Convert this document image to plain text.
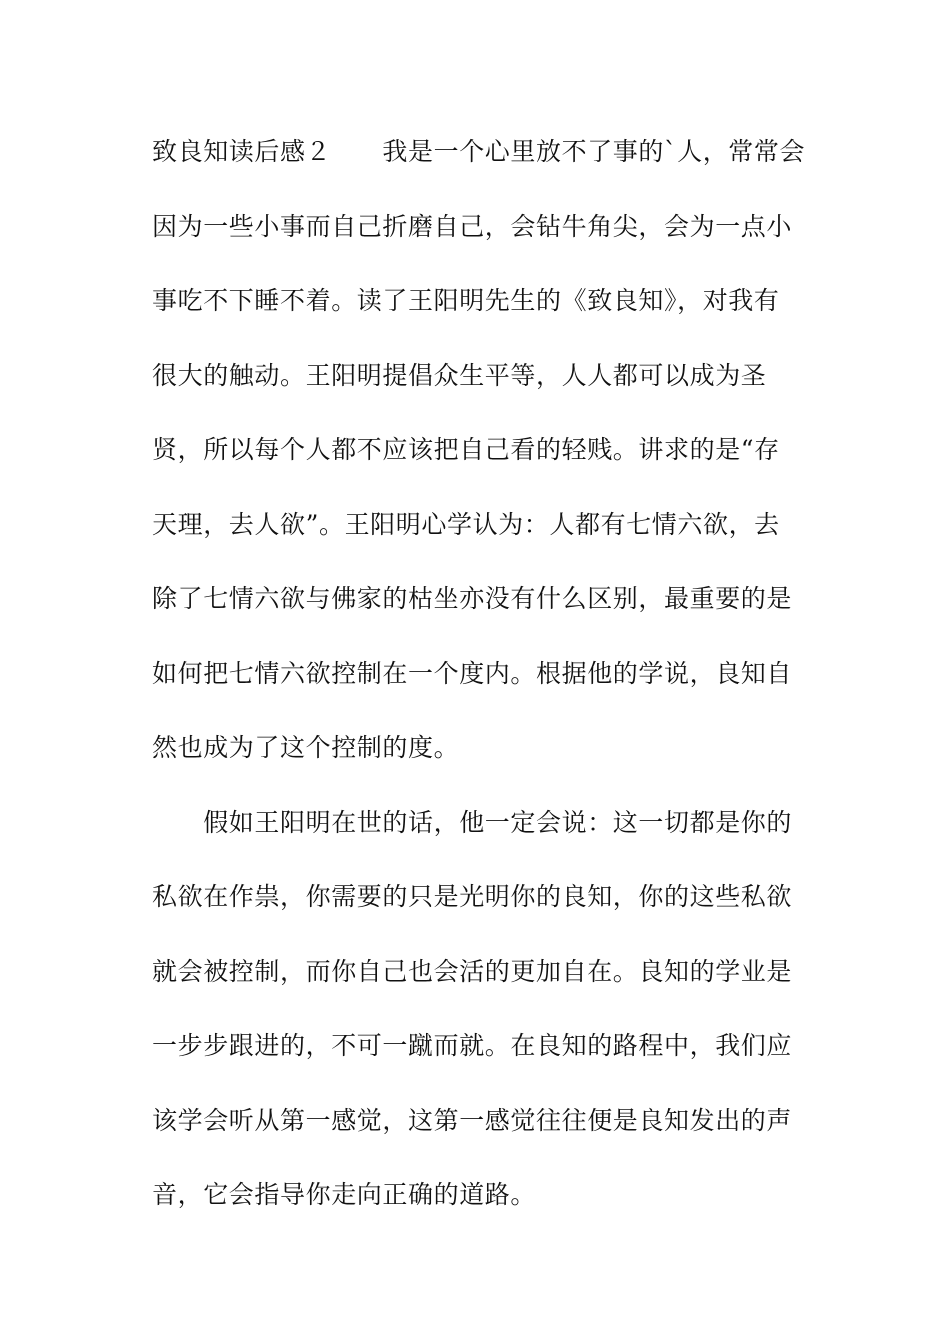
致良知读后感２　　我是一个心里放不了事的`人，常常会
因为一些小事而自己折磨自己，会钻牛角尖，会为一点小
事吃不下睡不着。读了王阳明先生的《致良知》，对我有
很大的触动。王阳明提倡众生平等，人人都可以成为圣
贤，所以每个人都不应该把自己看的轻贱。讲求的是“存
天理，去人欲”。王阳明心学认为：人都有七情六欲，去
除了七情六欲与佛家的枯坐亦没有什么区别，最重要的是
如何把七情六欲控制在一个度内。根据他的学说，良知自
然也成为了这个控制的度。
　　假如王阳明在世的话，他一定会说：这一切都是你的
私欲在作祟，你需要的只是光明你的良知，你的这些私欲
就会被控制，而你自己也会活的更加自在。良知的学业是
一步步跟进的，不可一蹴而就。在良知的路程中，我们应
该学会听从第一感觉，这第一感觉往往便是良知发出的声
音，它会指导你走向正确的道路。
